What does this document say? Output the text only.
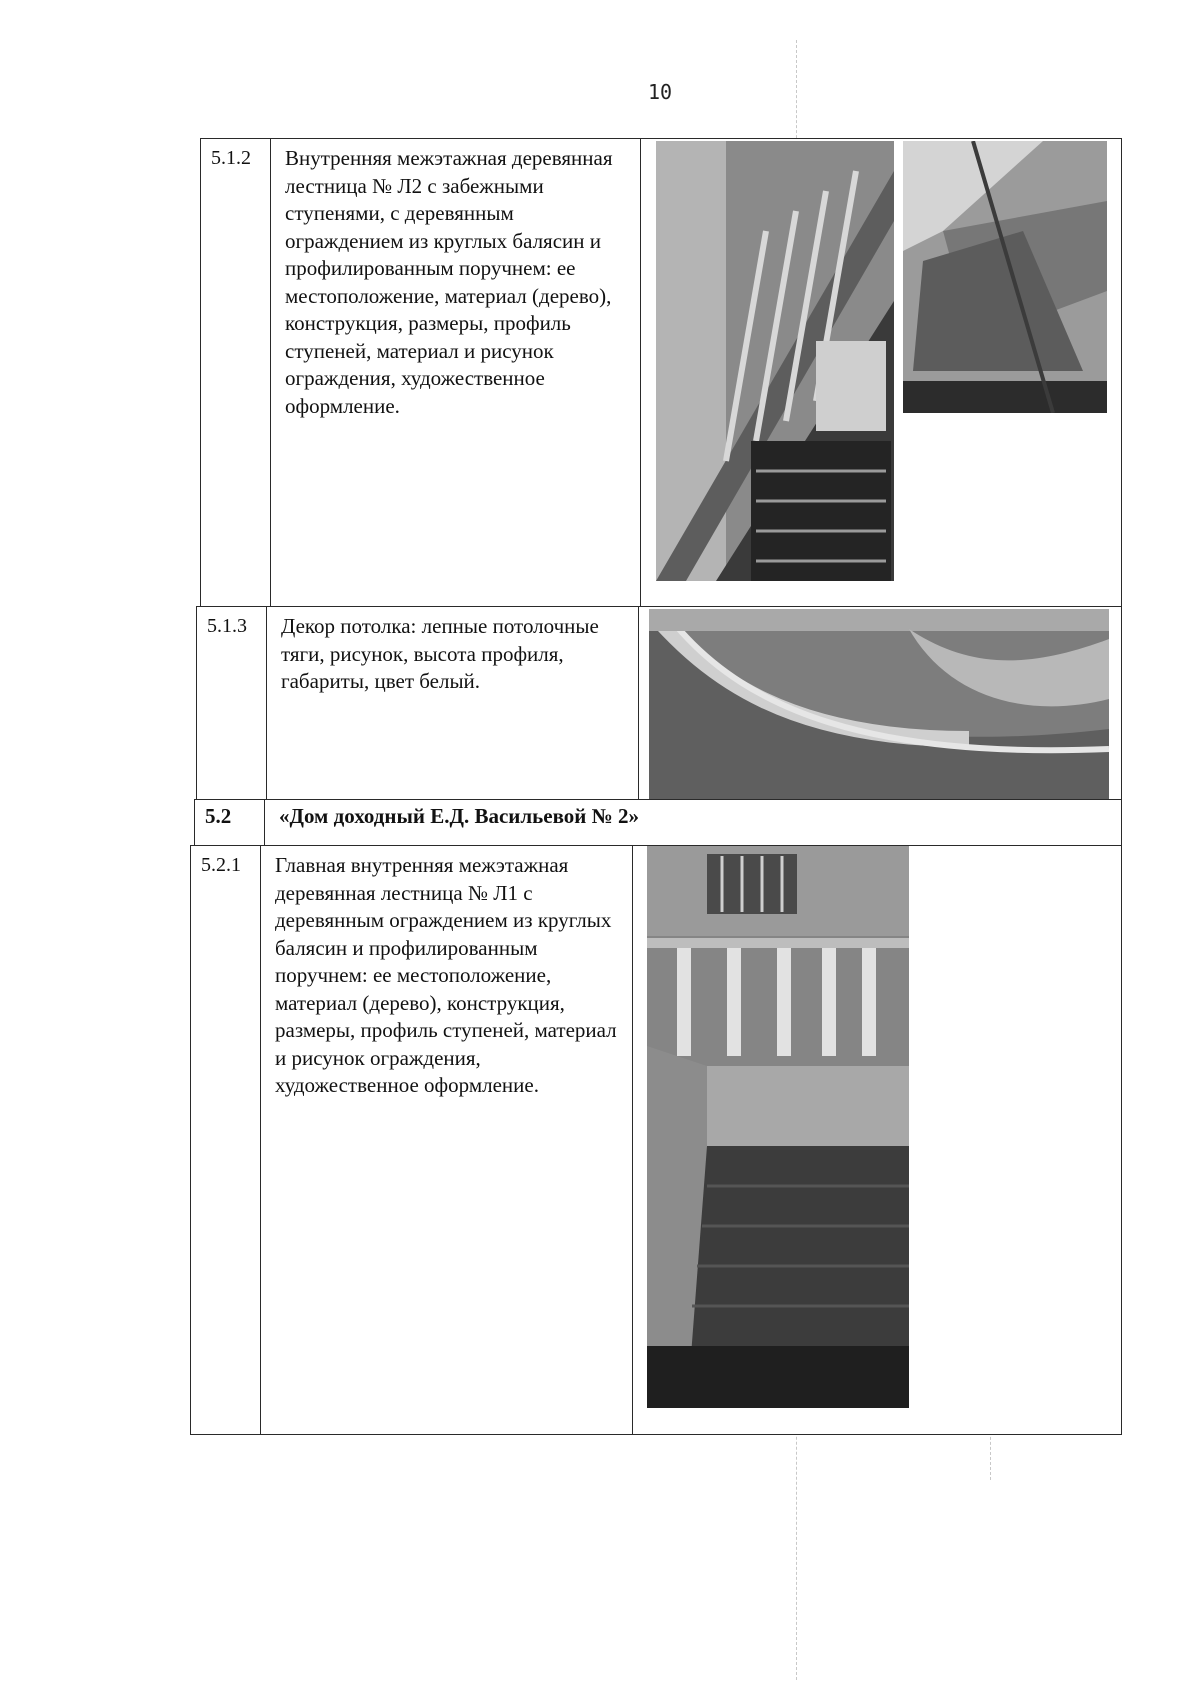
10
5.1.2	Внутренняя межэтажная деревянная лестница № Л2 с забежными ступенями, с деревянным ограждением из круглых балясин и профилированным поручнем: ее местоположение, материал (дерево), конструкция, размеры, профиль ступеней, материал и рисунок ограждения, художественное оформление.
5.1.3	Декор потолка: лепные потолочные тяги, рисунок, высота профиля, габариты, цвет белый.
5.2	«Дом доходный Е.Д. Васильевой № 2»
5.2.1	Главная внутренняя межэтажная деревянная лестница № Л1 с деревянным ограждением из круглых балясин и профилированным поручнем: ее местоположение, материал (дерево), конструкция, размеры, профиль ступеней, материал и рисунок ограждения, художественное оформление.
